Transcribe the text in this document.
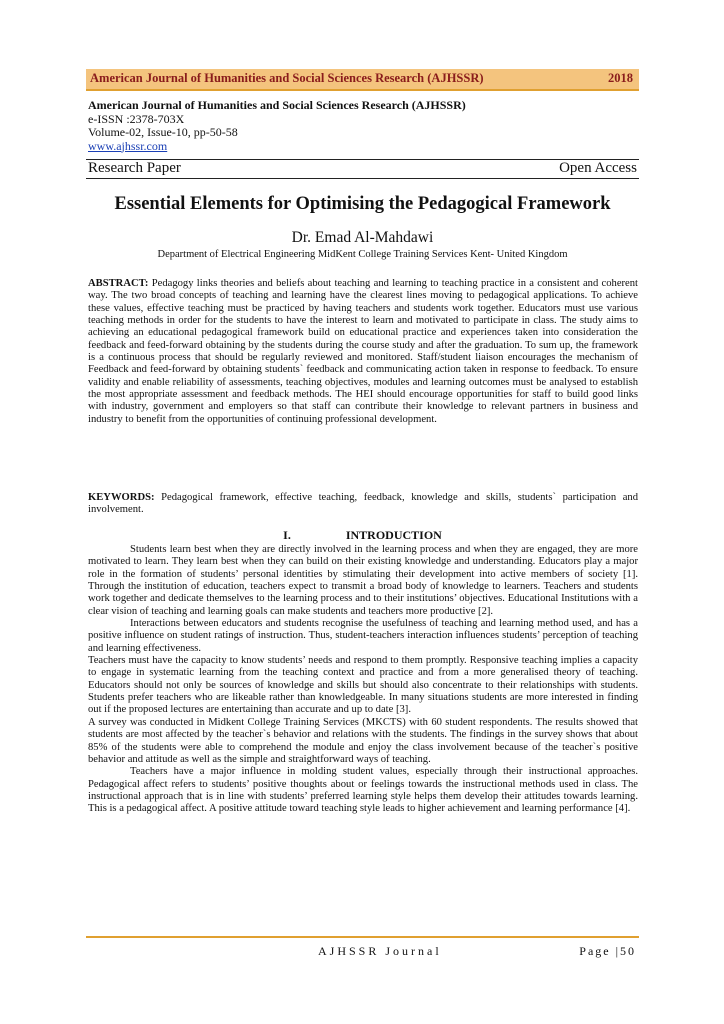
American Journal of Humanities and Social Sciences Research (AJHSSR)	2018
American Journal of Humanities and Social Sciences Research (AJHSSR)
e-ISSN :2378-703X
Volume-02, Issue-10, pp-50-58
www.ajhssr.com
Research Paper	Open Access
Essential Elements for Optimising the Pedagogical Framework
Dr. Emad Al-Mahdawi
Department of Electrical Engineering MidKent College Training Services Kent- United Kingdom

ABSTRACT: Pedagogy links theories and beliefs about teaching and learning to teaching practice in a consistent and coherent way. The two broad concepts of teaching and learning have the clearest lines moving to pedagogical applications. To achieve these values, effective teaching must be practiced by having teachers and students work together. Educators must use various teaching methods in order for the students to have the interest to learn and motivated to participate in class. The study aims to achieving an educational pedagogical framework build on educational practice and experiences taken into consideration the feedback and feed-forward obtaining by the students during the course study and after the graduation. To sum up, the framework is a continuous process that should be regularly reviewed and monitored. Staff/student liaison encourages the mechanism of Feedback and feed-forward by obtaining students` feedback and communicating action taken in response to feedback. To ensure validity and enable reliability of assessments, teaching objectives, modules and learning outcomes must be analysed to establish the most appropriate assessment and feedback methods. The HEI should encourage opportunities for staff to build good links with industry, government and employers so that staff can contribute their knowledge to relevant partners in business and industry to benefit from the opportunities of continuing professional development.

KEYWORDS: Pedagogical framework, effective teaching, feedback, knowledge and skills, students` participation and involvement.

I.	INTRODUCTION

Students learn best when they are directly involved in the learning process and when they are engaged, they are more motivated to learn. They learn best when they can build on their existing knowledge and understanding. Educators play a major role in the formation of students’ personal identities by stimulating their development into active members of society [1]. Through the institution of education, teachers expect to transmit a broad body of knowledge to learners. Teachers and students work together and dedicate themselves to the learning process and to their institutions’ objectives. Educational Institutions with a clear vision of teaching and learning goals can make students and teachers more productive [2].

Interactions between educators and students recognise the usefulness of teaching and learning method used, and has a positive influence on student ratings of instruction. Thus, student-teachers interaction influences students’ perception of teaching and learning effectiveness.

Teachers must have the capacity to know students’ needs and respond to them promptly. Responsive teaching implies a capacity to engage in systematic learning from the teaching context and practice and from a more generalised theory of teaching. Educators should not only be sources of knowledge and skills but should also concentrate to their relationships with students. Students prefer teachers who are likeable rather than knowledgeable. In many situations students are more interested in finding out if the proposed lectures are entertaining than accurate and up to date [3].

A survey was conducted in Midkent College Training Services (MKCTS) with 60 student respondents. The results showed that students are most affected by the teacher`s behavior and relations with the students. The findings in the survey shows that about 85% of the students were able to comprehend the module and enjoy the class involvement because of the teacher`s positive behavior and attitude as well as the simple and straightforward ways of teaching.

Teachers have a major influence in molding student values, especially through their instructional approaches. Pedagogical affect refers to students’ positive thoughts about or feelings towards the instructional methods used in class. The instructional approach that is in line with students’ preferred learning style helps them develop their attitudes towards learning. This is a pedagogical affect. A positive attitude toward teaching style leads to higher achievement and learning performance [4].

AJHSSR Journal	Page |50
